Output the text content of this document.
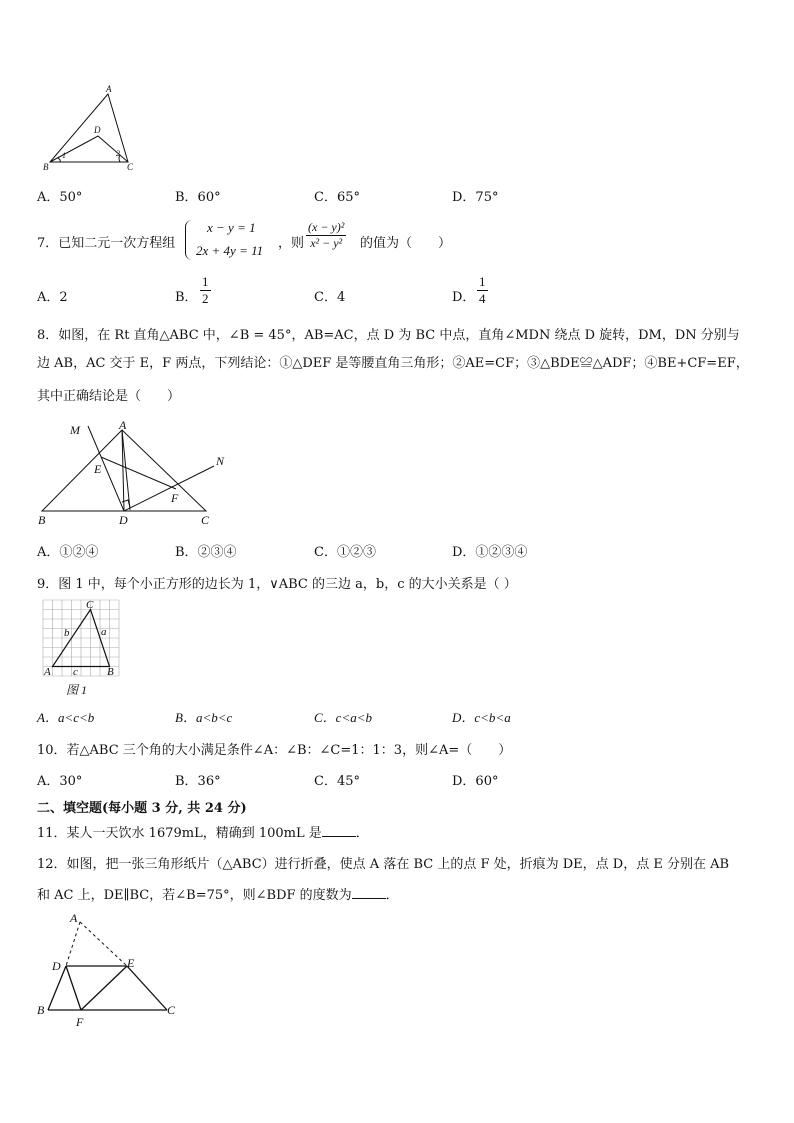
A
B	C
D
1	2
A．50°	B．60°	C．65°	D．75°
7．已知二元一次方程组
x − y = 1
2x + 4y = 11 ，则 $\frac{\text{(x − y)²}}{\text{x² − y²}}$ 的值为（　　）
A．2	B． $\frac{1}{2}$	C．4	D． $\frac{1}{4}$
8．如图，在 Rt 直角△ABC 中，∠B = 45°，AB=AC，点 D 为 BC 中点，直角∠MDN 绕点 D 旋转，DM，DN 分别与
边 AB，AC 交于 E，F 两点，下列结论：①△DEF 是等腰直角三角形；②AE=CF；③△BDE≌△ADF；④BE+CF=EF，
其中正确结论是（　　）
M	A
N
E
F
B	D	C
A．①②④	B．②③④	C．①②③	D．①②③④
9．图 1 中，每个小正方形的边长为 1，∨ABC 的三边 a，b，c 的大小关系是（ ）
C
A	B
a
b
c
图 1
A．a<c<b	B．a<b<c	C．c<a<b	D．c<b<a
10．若△ABC 三个角的大小满足条件∠A：∠B：∠C=1：1：3，则∠A=（　　）
A．30°	B．36°	C．45°	D．60°
二、填空题(每小题 3 分, 共 24 分)
11．某人一天饮水 1679mL，精确到 100mL 是	．
12．如图，把一张三角形纸片（△ABC）进行折叠，使点 A 落在 BC 上的点 F 处，折痕为 DE，点 D，点 E 分别在 AB
和 AC 上，DE∥BC，若∠B=75°，则∠BDF 的度数为	．
A
D	E
B
F
C
